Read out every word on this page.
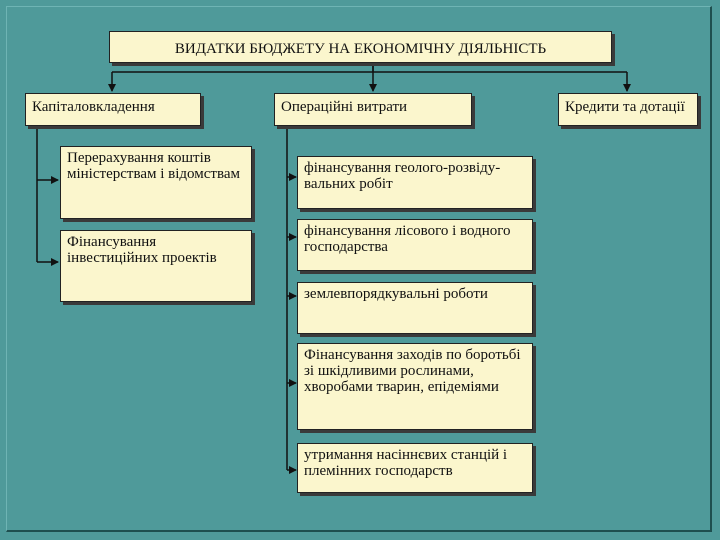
ВИДАТКИ БЮДЖЕТУ НА ЕКОНОМІЧНУ ДІЯЛЬНІСТЬ
Капіталовкладення	Операційні витрати	Кредити та дотації
Перерахування коштів міністерствам і відомствам
Фінансування інвестиційних проектів
фінансування геолого-розвіду-вальних робіт
фінансування лісового і водного господарства
землевпорядкувальні роботи
Фінансування заходів по боротьбі зі шкідливими рослинами, хворобами тварин, епідеміями
утримання насіннєвих станцій і племінних господарств
